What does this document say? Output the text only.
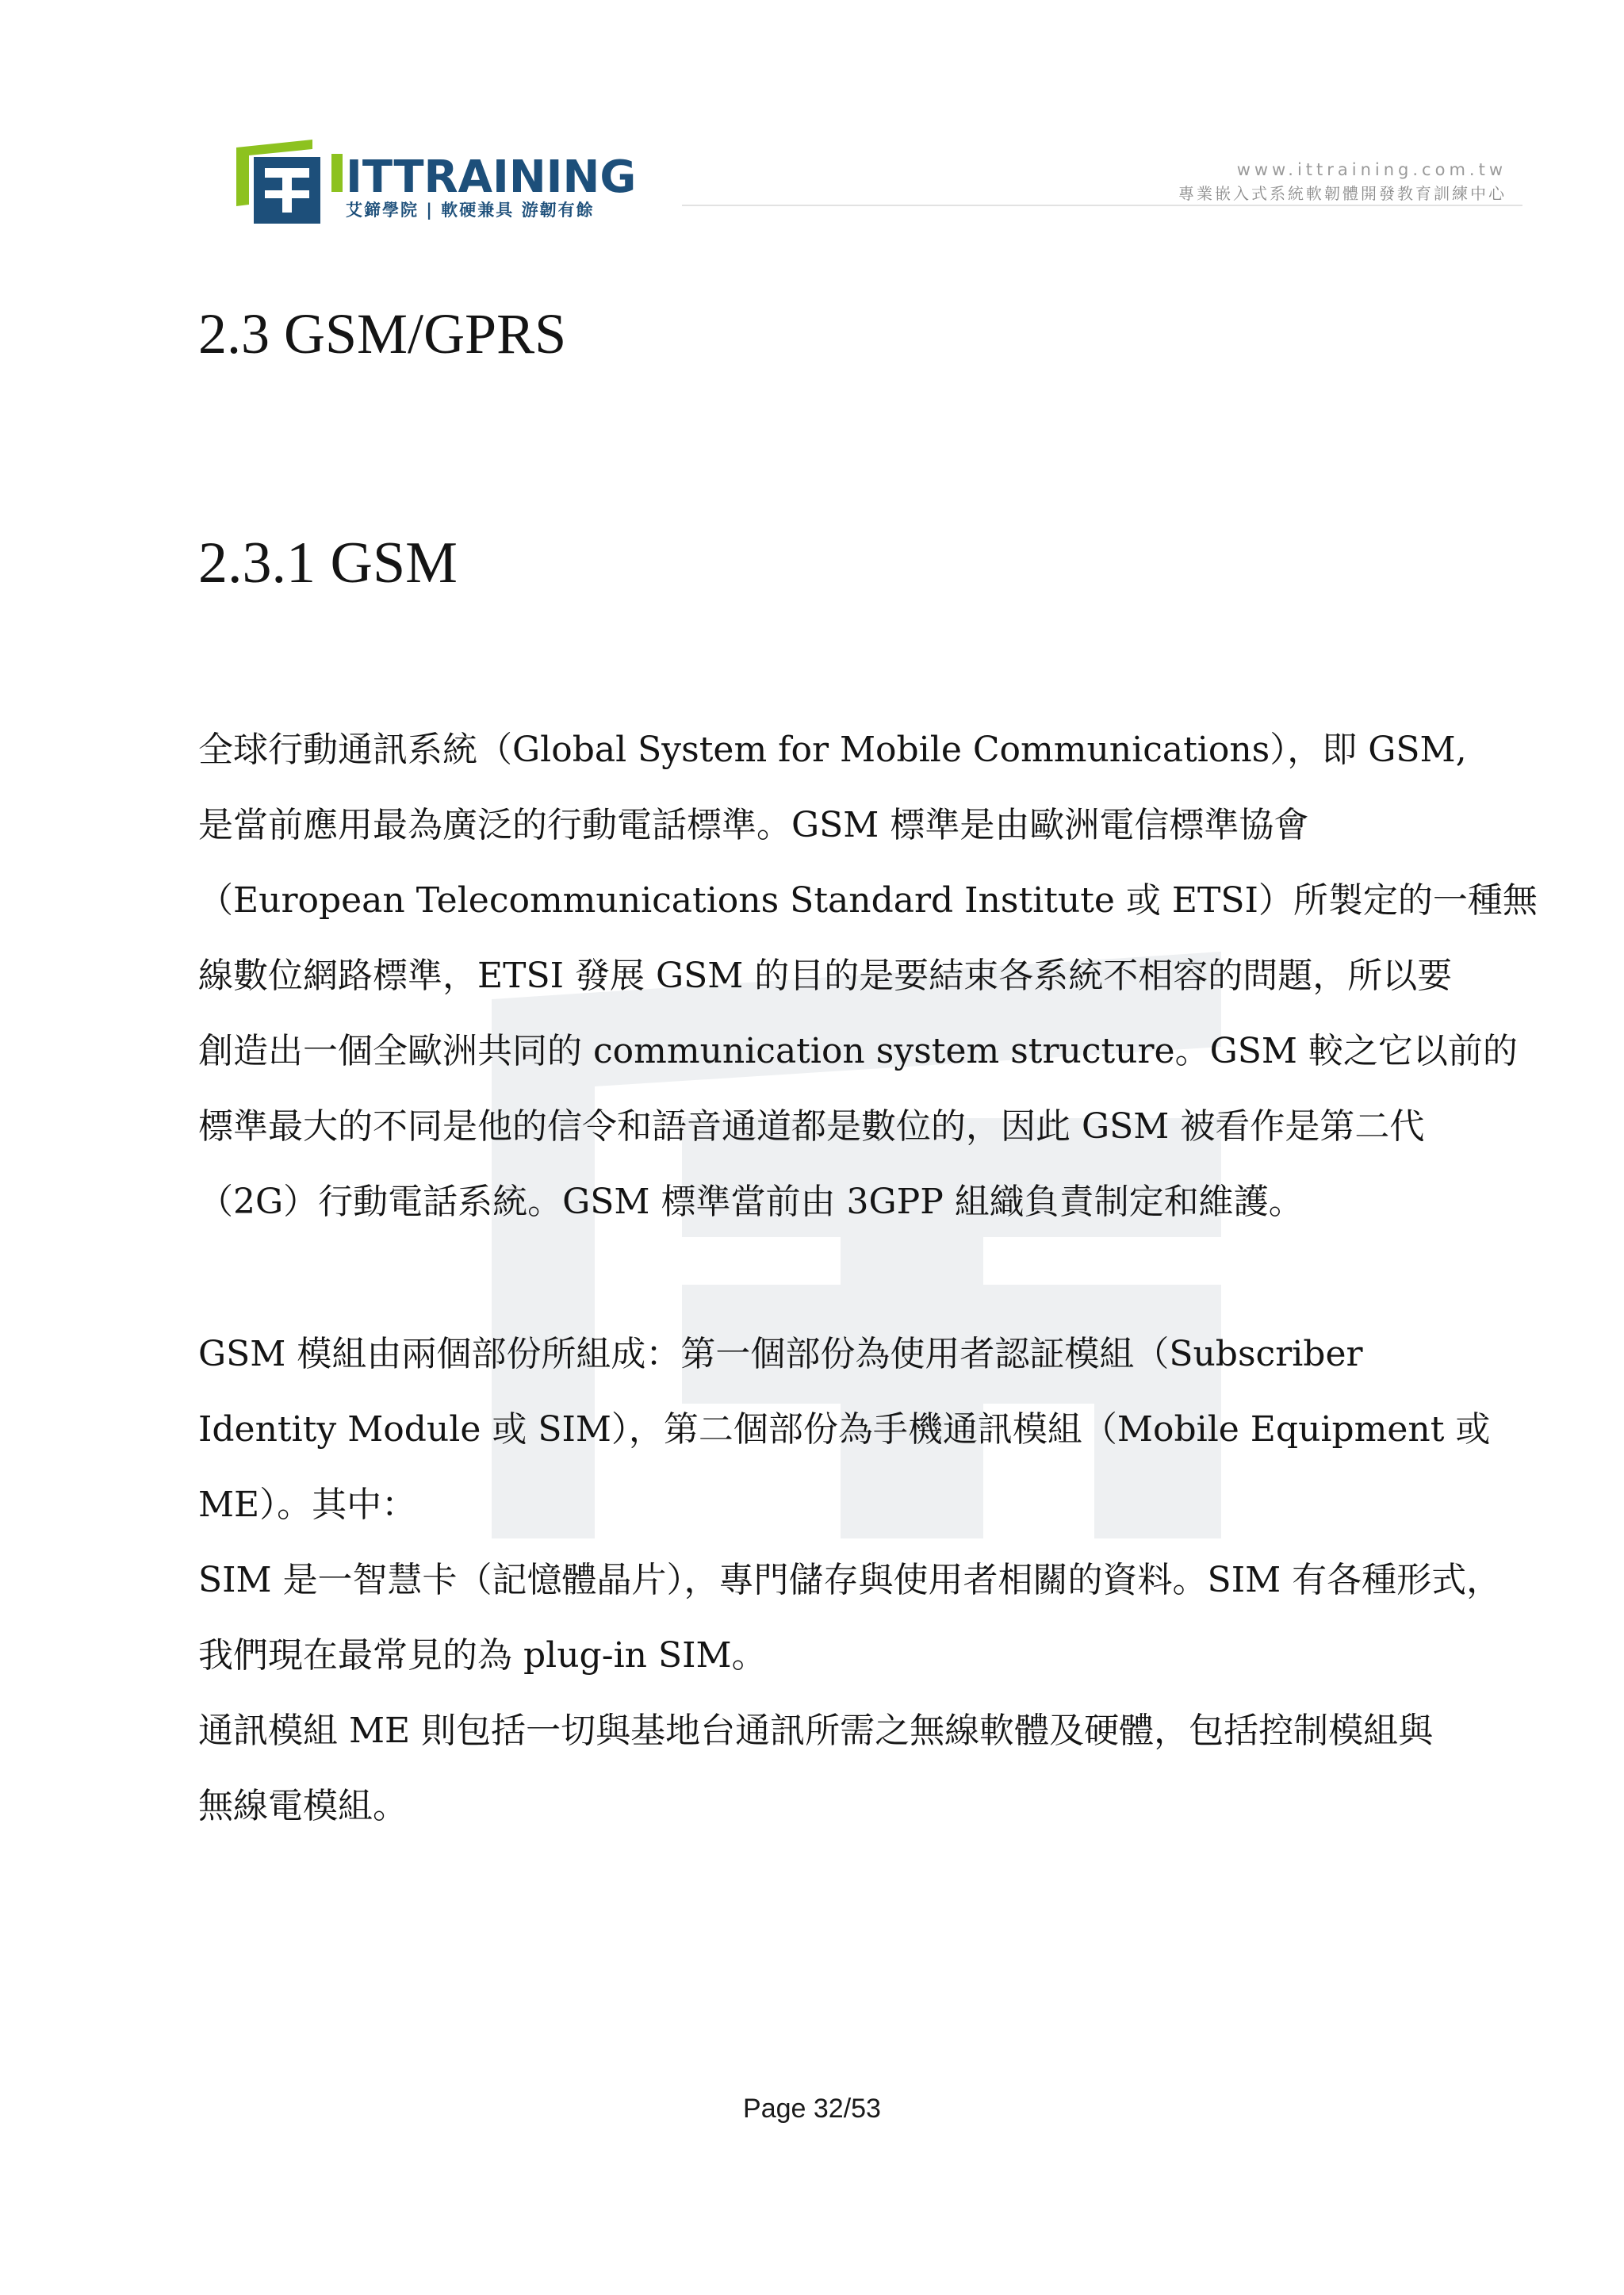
ITTRAINING
艾鍗學院 | 軟硬兼具 游韌有餘
www.ittraining.com.tw
專業嵌入式系統軟韌體開發教育訓練中心
2.3 GSM/GPRS
2.3.1 GSM
全球行動通訊系統（Global System for Mobile Communications），即 GSM,
是當前應用最為廣泛的行動電話標準。GSM 標準是由歐洲電信標準協會
（European Telecommunications Standard Institute 或 ETSI）所製定的一種無
線數位網路標準，ETSI 發展 GSM 的目的是要結束各系統不相容的問題，所以要
創造出一個全歐洲共同的 communication system structure。GSM 較之它以前的
標準最大的不同是他的信令和語音通道都是數位的，因此 GSM 被看作是第二代
（2G）行動電話系統。GSM 標準當前由 3GPP 組織負責制定和維護。
GSM 模組由兩個部份所組成：第一個部份為使用者認証模組（Subscriber
Identity Module 或 SIM），第二個部份為手機通訊模組（Mobile Equipment 或
ME）。其中：
SIM 是一智慧卡（記憶體晶片），專門儲存與使用者相關的資料。SIM 有各種形式，
我們現在最常見的為 plug-in SIM。
通訊模組 ME 則包括一切與基地台通訊所需之無線軟體及硬體，包括控制模組與
無線電模組。
Page 32/53
